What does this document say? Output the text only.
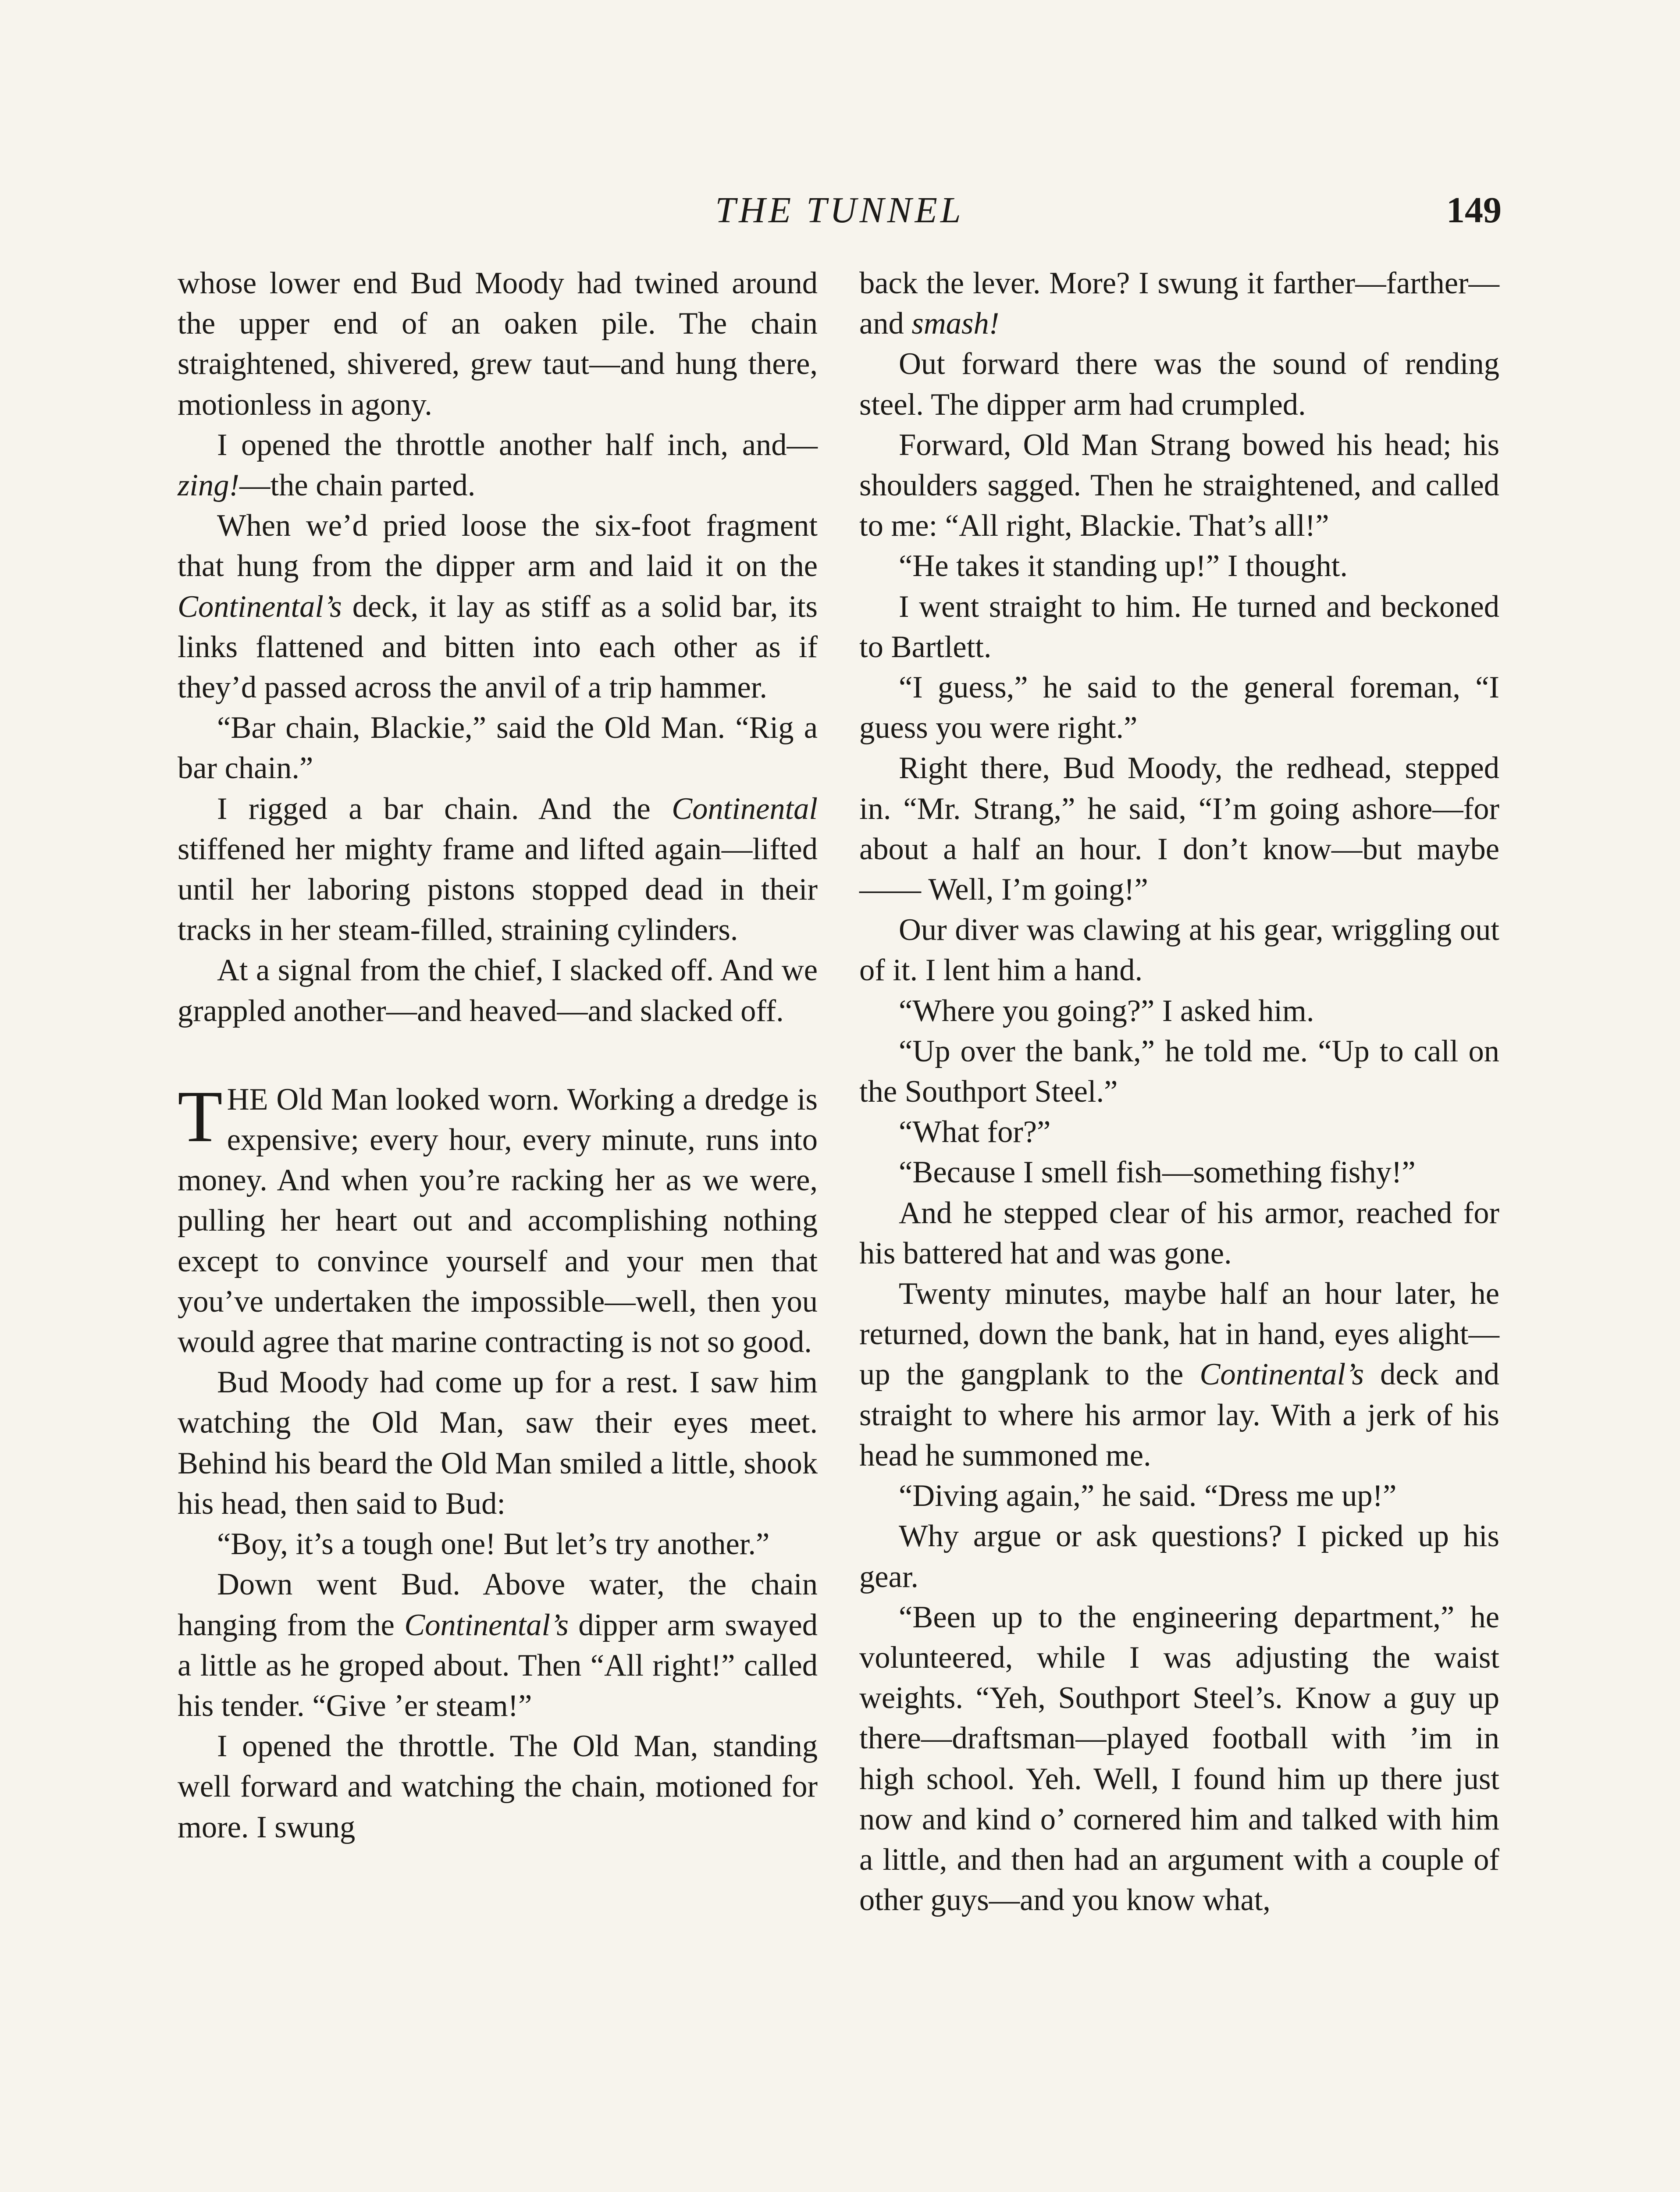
THE TUNNEL	149

whose lower end Bud Moody had twined around the upper end of an oaken pile. The chain straightened, shivered, grew taut—and hung there, motionless in agony.

I opened the throttle another half inch, and—zing!—the chain parted.

When we’d pried loose the six-foot fragment that hung from the dipper arm and laid it on the Continental’s deck, it lay as stiff as a solid bar, its links flattened and bitten into each other as if they’d passed across the anvil of a trip hammer.

“Bar chain, Blackie,” said the Old Man. “Rig a bar chain.”

I rigged a bar chain. And the Continental stiffened her mighty frame and lifted again—lifted until her laboring pistons stopped dead in their tracks in her steam-filled, straining cylinders.

At a signal from the chief, I slacked off. And we grappled another—and heaved—and slacked off.

THE Old Man looked worn. Working a dredge is expensive; every hour, every minute, runs into money. And when you’re racking her as we were, pulling her heart out and accomplishing nothing except to convince yourself and your men that you’ve undertaken the impossible—well, then you would agree that marine contracting is not so good.

Bud Moody had come up for a rest. I saw him watching the Old Man, saw their eyes meet. Behind his beard the Old Man smiled a little, shook his head, then said to Bud:

“Boy, it’s a tough one! But let’s try another.”

Down went Bud. Above water, the chain hanging from the Continental’s dipper arm swayed a little as he groped about. Then “All right!” called his tender. “Give ’er steam!”

I opened the throttle. The Old Man, standing well forward and watching the chain, motioned for more. I swung

back the lever. More? I swung it farther—farther—and smash!

Out forward there was the sound of rending steel. The dipper arm had crumpled.

Forward, Old Man Strang bowed his head; his shoulders sagged. Then he straightened, and called to me: “All right, Blackie. That’s all!”

“He takes it standing up!” I thought.

I went straight to him. He turned and beckoned to Bartlett.

“I guess,” he said to the general foreman, “I guess you were right.”

Right there, Bud Moody, the redhead, stepped in. “Mr. Strang,” he said, “I’m going ashore—for about a half an hour. I don’t know—but maybe —— Well, I’m going!”

Our diver was clawing at his gear, wriggling out of it. I lent him a hand.

“Where you going?” I asked him.

“Up over the bank,” he told me. “Up to call on the Southport Steel.”

“What for?”

“Because I smell fish—something fishy!”

And he stepped clear of his armor, reached for his battered hat and was gone.

Twenty minutes, maybe half an hour later, he returned, down the bank, hat in hand, eyes alight—up the gangplank to the Continental’s deck and straight to where his armor lay. With a jerk of his head he summoned me.

“Diving again,” he said. “Dress me up!”

Why argue or ask questions? I picked up his gear.

“Been up to the engineering department,” he volunteered, while I was adjusting the waist weights. “Yeh, Southport Steel’s. Know a guy up there—draftsman—played football with ’im in high school. Yeh. Well, I found him up there just now and kind o’ cornered him and talked with him a little, and then had an argument with a couple of other guys—and you know what,
